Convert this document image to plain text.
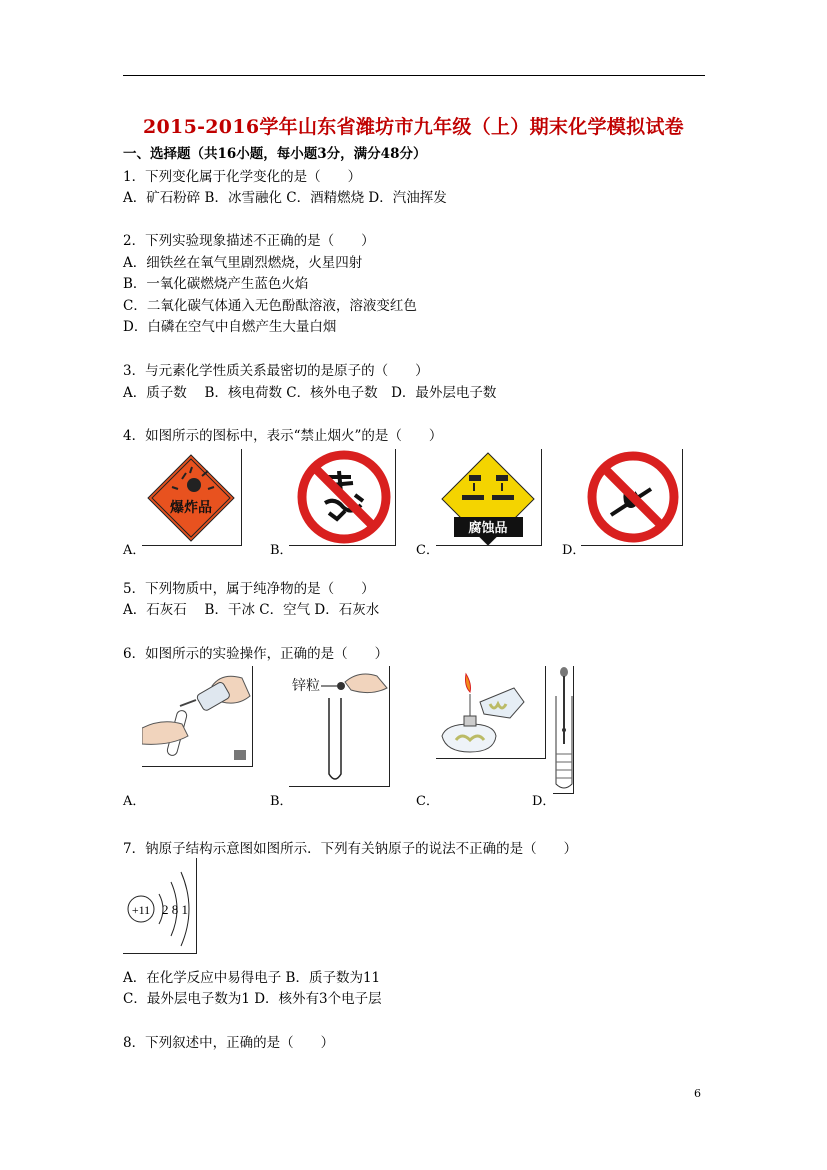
2015-2016学年山东省潍坊市九年级（上）期末化学模拟试卷
一、选择题（共16小题，每小题3分，满分48分）
1．下列变化属于化学变化的是（　　）
A．矿石粉碎 B．冰雪融化 C．酒精燃烧 D．汽油挥发
2．下列实验现象描述不正确的是（　　）
A．细铁丝在氧气里剧烈燃烧，火星四射
B．一氧化碳燃烧产生蓝色火焰
C．二氧化碳气体通入无色酚酞溶液，溶液变红色
D．白磷在空气中自燃产生大量白烟
3．与元素化学性质关系最密切的是原子的（　　）
A．质子数　 B．核电荷数 C．核外电子数　D．最外层电子数
4．如图所示的图标中，表示“禁止烟火”的是（　　）
爆炸品
A．	B．
腐蚀品
C．	D．
5．下列物质中，属于纯净物的是（　　）
A．石灰石　 B．干冰 C．空气 D．石灰水
6．如图所示的实验操作，正确的是（　　）
A．
锌粒
B．	C．	D．
7．钠原子结构示意图如图所示．下列有关钠原子的说法不正确的是（　　）
+11 2 8 1
A．在化学反应中易得电子 B．质子数为11
C．最外层电子数为1 D．核外有3个电子层
8．下列叙述中，正确的是（　　）
6
